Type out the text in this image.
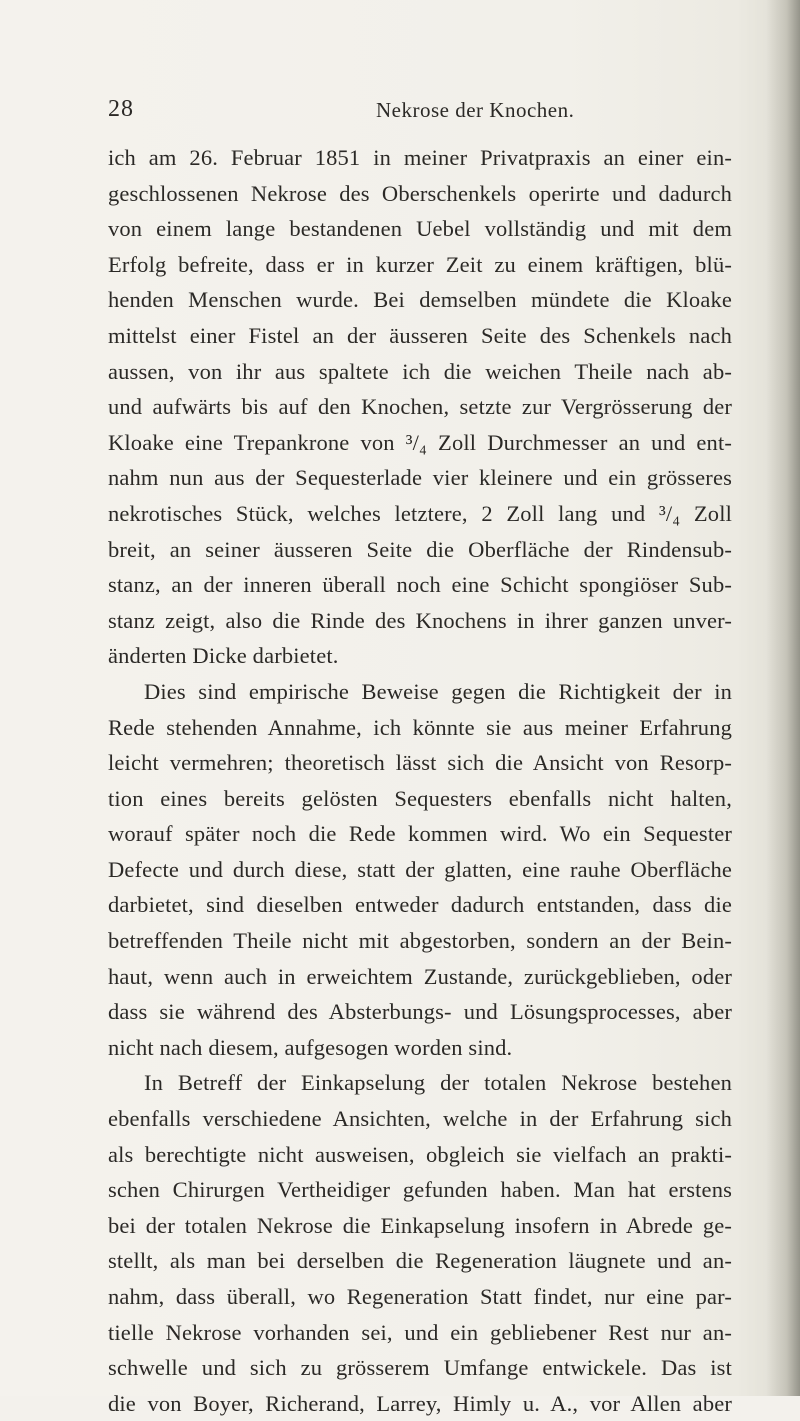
28	Nekrose der Knochen.
ich am 26. Februar 1851 in meiner Privatpraxis an einer ein-
geschlossenen Nekrose des Oberschenkels operirte und dadurch
von einem lange bestandenen Uebel vollständig und mit dem
Erfolg befreite, dass er in kurzer Zeit zu einem kräftigen, blü-
henden Menschen wurde. Bei demselben mündete die Kloake
mittelst einer Fistel an der äusseren Seite des Schenkels nach
aussen, von ihr aus spaltete ich die weichen Theile nach ab-
und aufwärts bis auf den Knochen, setzte zur Vergrösserung der
Kloake eine Trepankrone von ³/₄ Zoll Durchmesser an und ent-
nahm nun aus der Sequesterlade vier kleinere und ein grösseres
nekrotisches Stück, welches letztere, 2 Zoll lang und ³/₄ Zoll
breit, an seiner äusseren Seite die Oberfläche der Rindensub-
stanz, an der inneren überall noch eine Schicht spongiöser Sub-
stanz zeigt, also die Rinde des Knochens in ihrer ganzen unver-
änderten Dicke darbietet.
Dies sind empirische Beweise gegen die Richtigkeit der in
Rede stehenden Annahme, ich könnte sie aus meiner Erfahrung
leicht vermehren; theoretisch lässt sich die Ansicht von Resorp-
tion eines bereits gelösten Sequesters ebenfalls nicht halten,
worauf später noch die Rede kommen wird. Wo ein Sequester
Defecte und durch diese, statt der glatten, eine rauhe Oberfläche
darbietet, sind dieselben entweder dadurch entstanden, dass die
betreffenden Theile nicht mit abgestorben, sondern an der Bein-
haut, wenn auch in erweichtem Zustande, zurückgeblieben, oder
dass sie während des Absterbungs- und Lösungsprocesses, aber
nicht nach diesem, aufgesogen worden sind.
In Betreff der Einkapselung der totalen Nekrose bestehen
ebenfalls verschiedene Ansichten, welche in der Erfahrung sich
als berechtigte nicht ausweisen, obgleich sie vielfach an prakti-
schen Chirurgen Vertheidiger gefunden haben. Man hat erstens
bei der totalen Nekrose die Einkapselung insofern in Abrede ge-
stellt, als man bei derselben die Regeneration läugnete und an-
nahm, dass überall, wo Regeneration Statt findet, nur eine par-
tielle Nekrose vorhanden sei, und ein gebliebener Rest nur an-
schwelle und sich zu grösserem Umfange entwickele. Das ist
die von Boyer, Richerand, Larrey, Himly u. A., vor Allen aber
